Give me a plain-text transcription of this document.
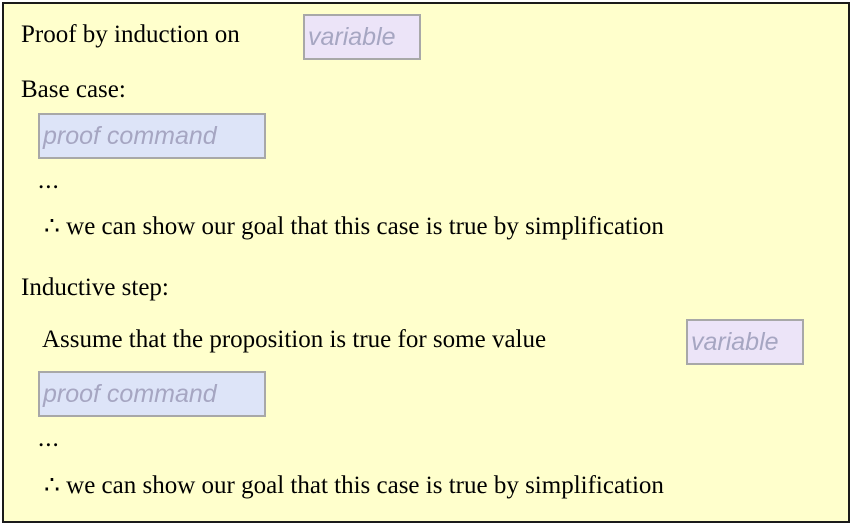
Proof by induction on	variable
Base case:
proof command
...
∴ we can show our goal that this case is true by simplification
Inductive step:
Assume that the proposition is true for some value	variable
proof command
...
∴ we can show our goal that this case is true by simplification
